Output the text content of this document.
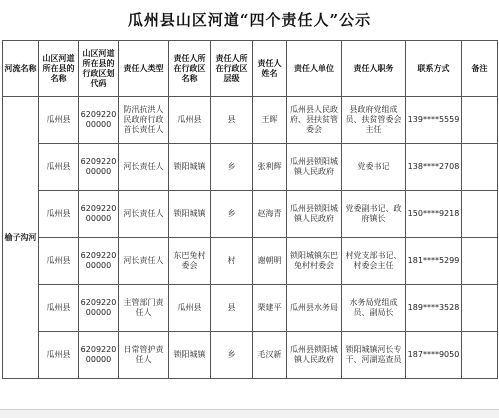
瓜州县山区河道“四个责任人”公示
河流名称	山区河道所在县的名称	山区河道所在县的行政区划代码	责任人类型	责任人所在行政区名称	责任人所在行政区层级	责任人姓名	责任人单位	责任人职务	联系方式	备注
榆子沟河	瓜州县	620922000000	防汛抗洪人民政府行政首长责任人	瓜州县	县	王晖	瓜州县人民政府、县扶贫管委会	县政府党组成员、扶贫管委会主任	139****5559	
	瓜州县	620922000000	河长责任人	锁阳城镇	乡	张利辉	瓜州县锁阳城镇人民政府	党委书记	138****2708	
	瓜州县	620922000000	河长责任人	锁阳城镇	乡	赵海青	瓜州县锁阳城镇人民政府	党委副书记、政府镇长	150****9218	
	瓜州县	620922000000	河长责任人	东巴兔村委会	村	谢朝明	锁阳城镇东巴兔村村委会	村党支部书记、村委会主任	181****5299	
	瓜州县	620922000000	主管部门责任人	瓜州县	县	栗建平	瓜州县水务局	水务局党组成员、副局长	189****3528	
	瓜州县	620922000000	日常管护责任人	锁阳城镇	乡	毛汉新	瓜州县锁阳城镇人民政府	锁阳城镇河长专干、河湖巡查员	187****9050	
